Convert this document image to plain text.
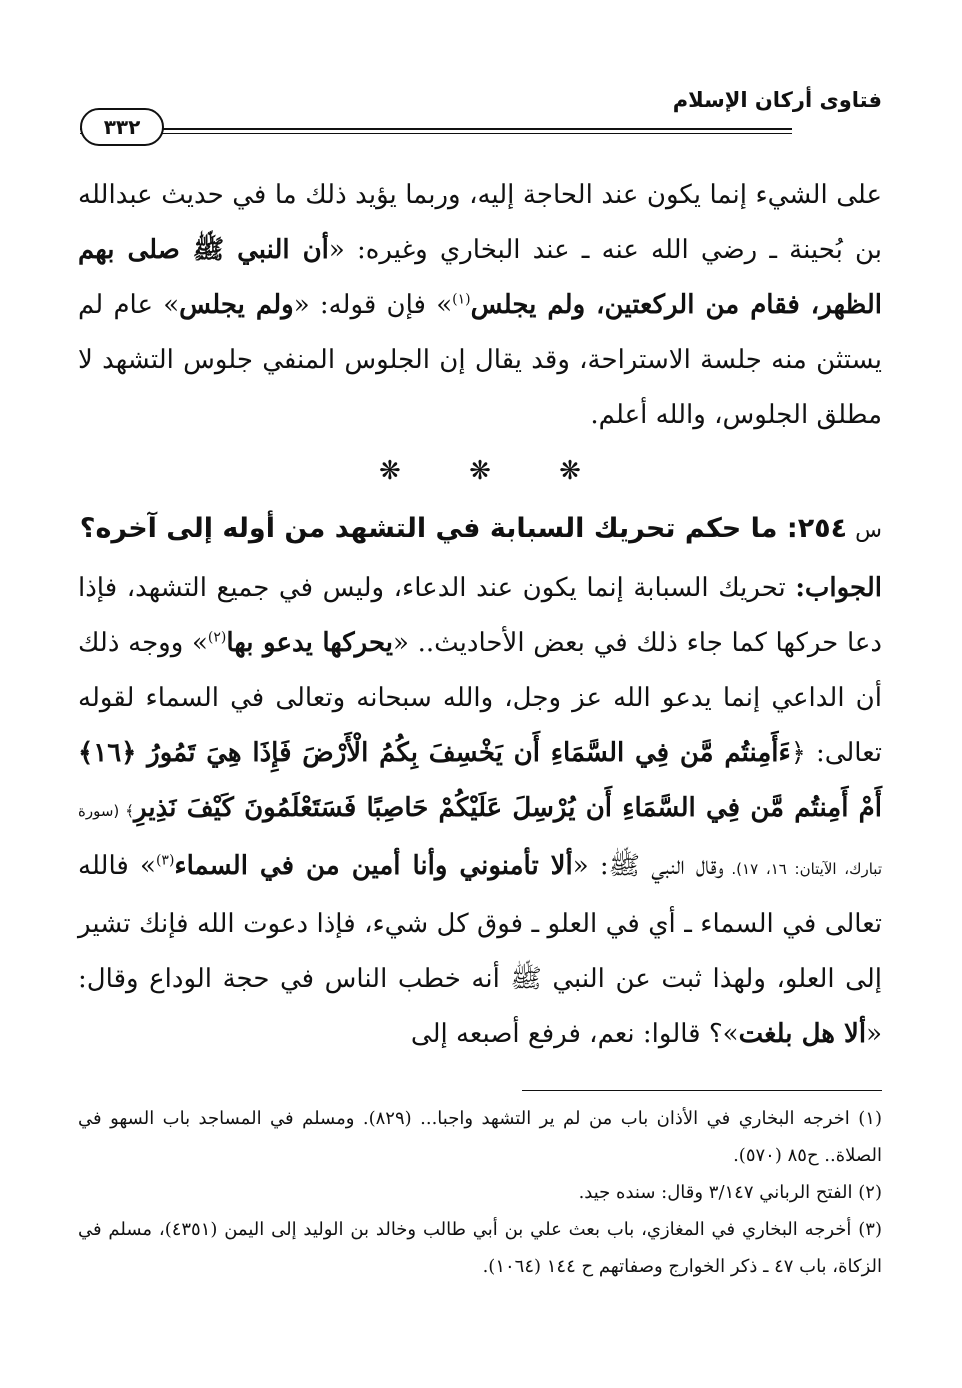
فتاوى أركان الإسلام
٣٣٢

على الشيء إنما يكون عند الحاجة إليه، وربما يؤيد ذلك ما في حديث عبدالله بن بُحينة ـ رضي الله عنه ـ عند البخاري وغيره: «أن النبي ﷺ صلى بهم الظهر، فقام من الركعتين، ولم يجلس$^{(١)}$» فإن قوله: «ولم يجلس» عام لم يستثن منه جلسة الاستراحة، وقد يقال إن الجلوس المنفي جلوس التشهد لا مطلق الجلوس، والله أعلم.

❋ ❋ ❋

س٢٥٤: ما حكم تحريك السبابة في التشهد من أوله إلى آخره؟

الجواب: تحريك السبابة إنما يكون عند الدعاء، وليس في جميع التشهد، فإذا دعا حركها كما جاء ذلك في بعض الأحاديث.. «يحركها يدعو بها$^{(٢)}$» ووجه ذلك أن الداعي إنما يدعو الله عز وجل، والله سبحانه وتعالى في السماء لقوله تعالى: ﴿ءَأَمِنتُم مَّن فِي السَّمَاءِ أَن يَخْسِفَ بِكُمُ الْأَرْضَ فَإِذَا هِيَ تَمُورُ ﴿١٦﴾ أَمْ أَمِنتُم مَّن فِي السَّمَاءِ أَن يُرْسِلَ عَلَيْكُمْ حَاصِبًا فَسَتَعْلَمُونَ كَيْفَ نَذِيرِ﴾ (سورة تبارك، الآيتان: ١٦، ١٧). وقال النبي ﷺ: «ألا تأمنوني وأنا أمين من في السماء$^{(٣)}$» فالله تعالى في السماء ـ أي في العلو ـ فوق كل شيء، فإذا دعوت الله فإنك تشير إلى العلو، ولهذا ثبت عن النبي ﷺ أنه خطب الناس في حجة الوداع وقال: «ألا هل بلغت»؟ قالوا: نعم، فرفع أصبعه إلى

(١) اخرجه البخاري في الأذان باب من لم ير التشهد واجبا... (٨٢٩). ومسلم في المساجد باب السهو في الصلاة.. ح٨٥ (٥٧٠).

(٢) الفتح الرباني ٣/١٤٧ وقال: سنده جيد.

(٣) أخرجه البخاري في المغازي، باب بعث علي بن أبي طالب وخالد بن الوليد إلى اليمن (٤٣٥١)، مسلم في الزكاة، باب ٤٧ ـ ذكر الخوارج وصفاتهم ح ١٤٤ (١٠٦٤).
